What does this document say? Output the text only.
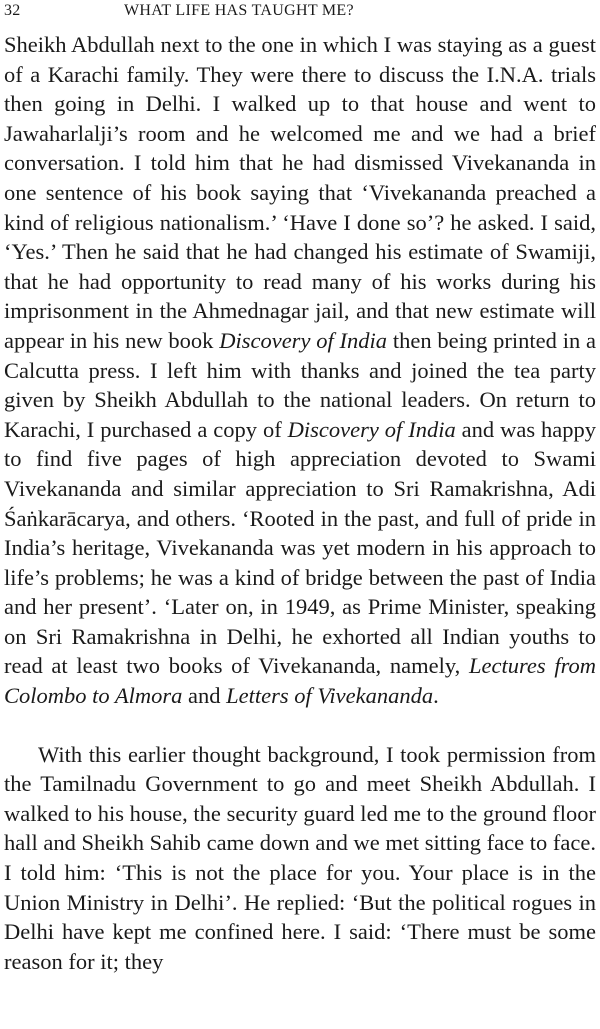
32	WHAT LIFE HAS TAUGHT ME?

Sheikh Abdullah next to the one in which I was staying as a guest of a Karachi family. They were there to discuss the I.N.A. trials then going in Delhi. I walked up to that house and went to Jawaharlalji’s room and he welcomed me and we had a brief conversation. I told him that he had dismissed Vivekananda in one sentence of his book saying that ‘Vivekananda preached a kind of religious nationalism.’ ‘Have I done so’? he asked. I said, ‘Yes.’ Then he said that he had changed his estimate of Swamiji, that he had opportunity to read many of his works during his imprisonment in the Ahmednagar jail, and that new estimate will appear in his new book Discovery of India then being printed in a Calcutta press. I left him with thanks and joined the tea party given by Sheikh Abdullah to the national leaders. On return to Karachi, I purchased a copy of Discovery of India and was happy to find five pages of high appreciation devoted to Swami Vivekananda and similar appreciation to Sri Ramakrishna, Adi Śaṅkarācarya, and others. ‘Rooted in the past, and full of pride in India’s heritage, Vivekananda was yet modern in his approach to life’s problems; he was a kind of bridge between the past of India and her present’. ‘Later on, in 1949, as Prime Minister, speaking on Sri Ramakrishna in Delhi, he exhorted all Indian youths to read at least two books of Vivekananda, namely, Lectures from Colombo to Almora and Letters of Vivekananda.

With this earlier thought background, I took permission from the Tamilnadu Government to go and meet Sheikh Abdullah. I walked to his house, the security guard led me to the ground floor hall and Sheikh Sahib came down and we met sitting face to face. I told him: ‘This is not the place for you. Your place is in the Union Ministry in Delhi’. He replied: ‘But the political rogues in Delhi have kept me confined here. I said: ‘There must be some reason for it; they
